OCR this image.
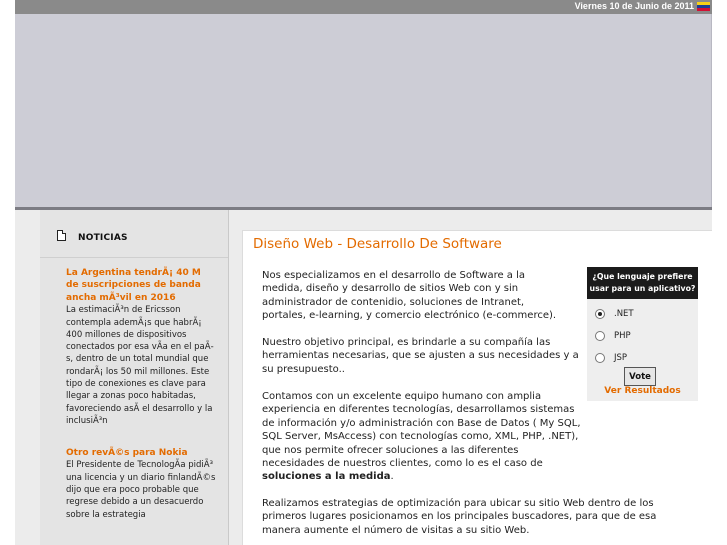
Viernes 10 de Junio de 2011
NOTICIAS
La Argentina tendrÃ¡ 40 M de suscripciones de banda ancha mÃ³vil en 2016
La estimaciÃ³n de Ericsson contempla ademÃ¡s que habrÃ¡ 400 millones de dispositivos conectados por esa vÃa en el paÃs, dentro de un total mundial que rondarÃ¡ los 50 mil millones. Este tipo de conexiones es clave para llegar a zonas poco habitadas, favoreciendo asÃ el desarrollo y la inclusiÃ³n
Otro revÃ©s para Nokia
El Presidente de TecnologÃa pidiÃ³ una licencia y un diario finlandÃ©s dijo que era poco probable que regrese debido a un desacuerdo sobre la estrategia
Diseño Web - Desarrollo De Software

Nos especializamos en el desarrollo de Software a la medida, diseño y desarrollo de sitios Web con y sin administrador de contenidio, soluciones de Intranet, portales, e-learning, y comercio electrónico (e-commerce).

Nuestro objetivo principal, es brindarle a su compañía las herramientas necesarias, que se ajusten a sus necesidades y a su presupuesto..

Contamos con un excelente equipo humano con amplia experiencia en diferentes tecnologías, desarrollamos sistemas de información y/o administración con Base de Datos ( My SQL, SQL Server, MsAccess) con tecnologías como, XML, PHP, .NET), que nos permite ofrecer soluciones a las diferentes necesidades de nuestros clientes, como lo es el caso de soluciones a la medida.

Realizamos estrategias de optimización para ubicar su sitio Web dentro de los primeros lugares posicionamos en los principales buscadores, para que de esa manera aumente el número de visitas a su sitio Web.

¿Que lenguaje prefiere usar para un aplicativo?
.NET
PHP
JSP
Vote
Ver Resultados
